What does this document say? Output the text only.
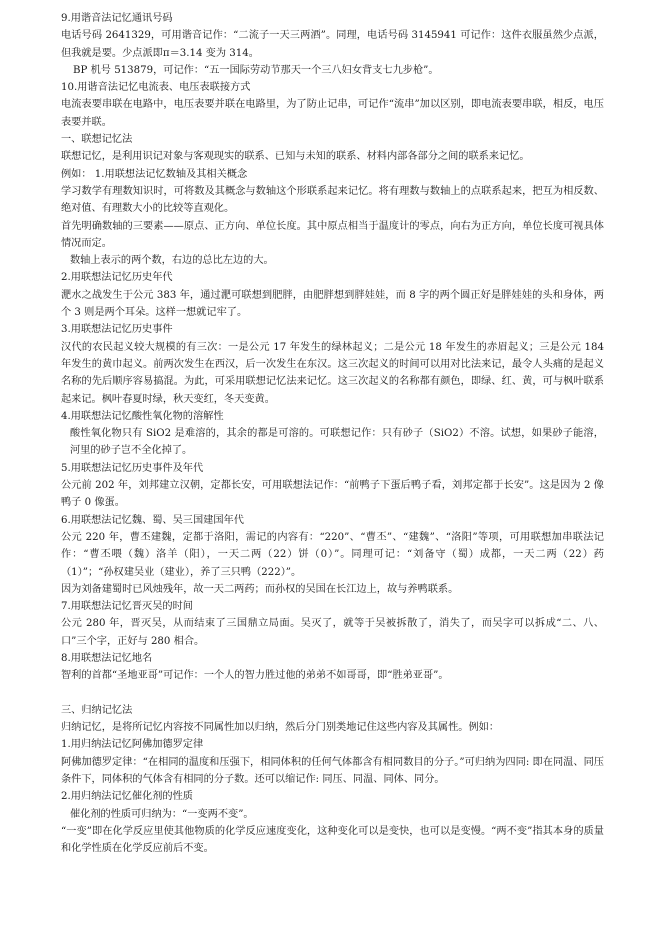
9.用谐音法记忆通讯号码
电话号码 2641329，可用谐音记作：“二流子一天三两酒”。同理，电话号码 3145941 可记作：这件衣服虽然少点派，但我就是要。少点派即π＝3.14 变为 314。
BP 机号 513879，可记作：“五一国际劳动节那天一个三八妇女背支七九步枪”。
10.用谐音法记忆电流表、电压表联接方式
电流表要串联在电路中，电压表要并联在电路里，为了防止记串，可记作“流串”加以区别，即电流表要串联，相反，电压表要并联。
一、联想记忆法
联想记忆，是利用识记对象与客观现实的联系、已知与未知的联系、材料内部各部分之间的联系来记忆。
例如： 1.用联想法记忆数轴及其相关概念
学习数学有理数知识时，可将数及其概念与数轴这个形联系起来记忆。将有理数与数轴上的点联系起来，把互为相反数、绝对值、有理数大小的比较等直观化。
首先明确数轴的三要素——原点、正方向、单位长度。其中原点相当于温度计的零点，向右为正方向，单位长度可视具体情况而定。
数轴上表示的两个数，右边的总比左边的大。
2.用联想法记忆历史年代
淝水之战发生于公元 383 年，通过淝可联想到肥胖，由肥胖想到胖娃娃，而 8 字的两个圆正好是胖娃娃的头和身体，两个 3 则是两个耳朵。这样一想就记牢了。
3.用联想法记忆历史事件
汉代的农民起义较大规模的有三次：一是公元 17 年发生的绿林起义；二是公元 18 年发生的赤眉起义；三是公元 184 年发生的黄巾起义。前两次发生在西汉，后一次发生在东汉。这三次起义的时间可以用对比法来记，最令人头痛的是起义名称的先后顺序容易搞混。为此，可采用联想记忆法来记忆。这三次起义的名称都有颜色，即绿、红、黄，可与枫叶联系起来记。枫叶春夏时绿，秋天变红，冬天变黄。
4.用联想法记忆酸性氧化物的溶解性
酸性氧化物只有 SiO2 是难溶的，其余的都是可溶的。可联想记作：只有砂子（SiO2）不溶。试想，如果砂子能溶，河里的砂子岂不全化掉了。
5.用联想法记忆历史事件及年代
公元前 202 年，刘邦建立汉朝，定都长安，可用联想法记作：“前鸭子下蛋后鸭子看，刘邦定都于长安”。这是因为 2 像鸭子 0 像蛋。
6.用联想法记忆魏、蜀、吴三国建国年代
公元 220 年，曹丕建魏，定都于洛阳，需记的内容有：“220”、“曹丕”、“建魏”、“洛阳”等项，可用联想加串联法记作：“曹丕喂（魏）洛羊（阳），一天二两（22）饼（0）”。同理可记：“刘备守（蜀）成都，一天二两（22）药（1）”；“孙权建吴业（建业），养了三只鸭（222）”。
因为刘备建蜀时已风烛残年，故一天二两药；而孙权的吴国在长江边上，故与养鸭联系。
7.用联想法记忆晋灭吴的时间
公元 280 年，晋灭吴，从而结束了三国鼎立局面。吴灭了，就等于吴被拆散了，消失了，而吴字可以拆成“二、八、口”三个字，正好与 280 相合。
8.用联想法记忆地名
智利的首都“圣地亚哥”可记作：一个人的智力胜过他的弟弟不如哥哥，即“胜弟亚哥”。
三、归纳记忆法
归纳记忆，是将所记忆内容按不同属性加以归纳，然后分门别类地记住这些内容及其属性。例如：
1.用归纳法记忆阿佛加德罗定律
阿佛加德罗定律：“在相同的温度和压强下，相同体积的任何气体都含有相同数目的分子。”可归纳为四同: 即在同温、同压条件下，同体积的气体含有相同的分子数。还可以缩记作: 同压、同温、同体、同分。
2.用归纳法记忆催化剂的性质
催化剂的性质可归纳为：“一变两不变”。
“一变”即在化学反应里使其他物质的化学反应速度变化，这种变化可以是变快，也可以是变慢。“两不变”指其本身的质量和化学性质在化学反应前后不变。
